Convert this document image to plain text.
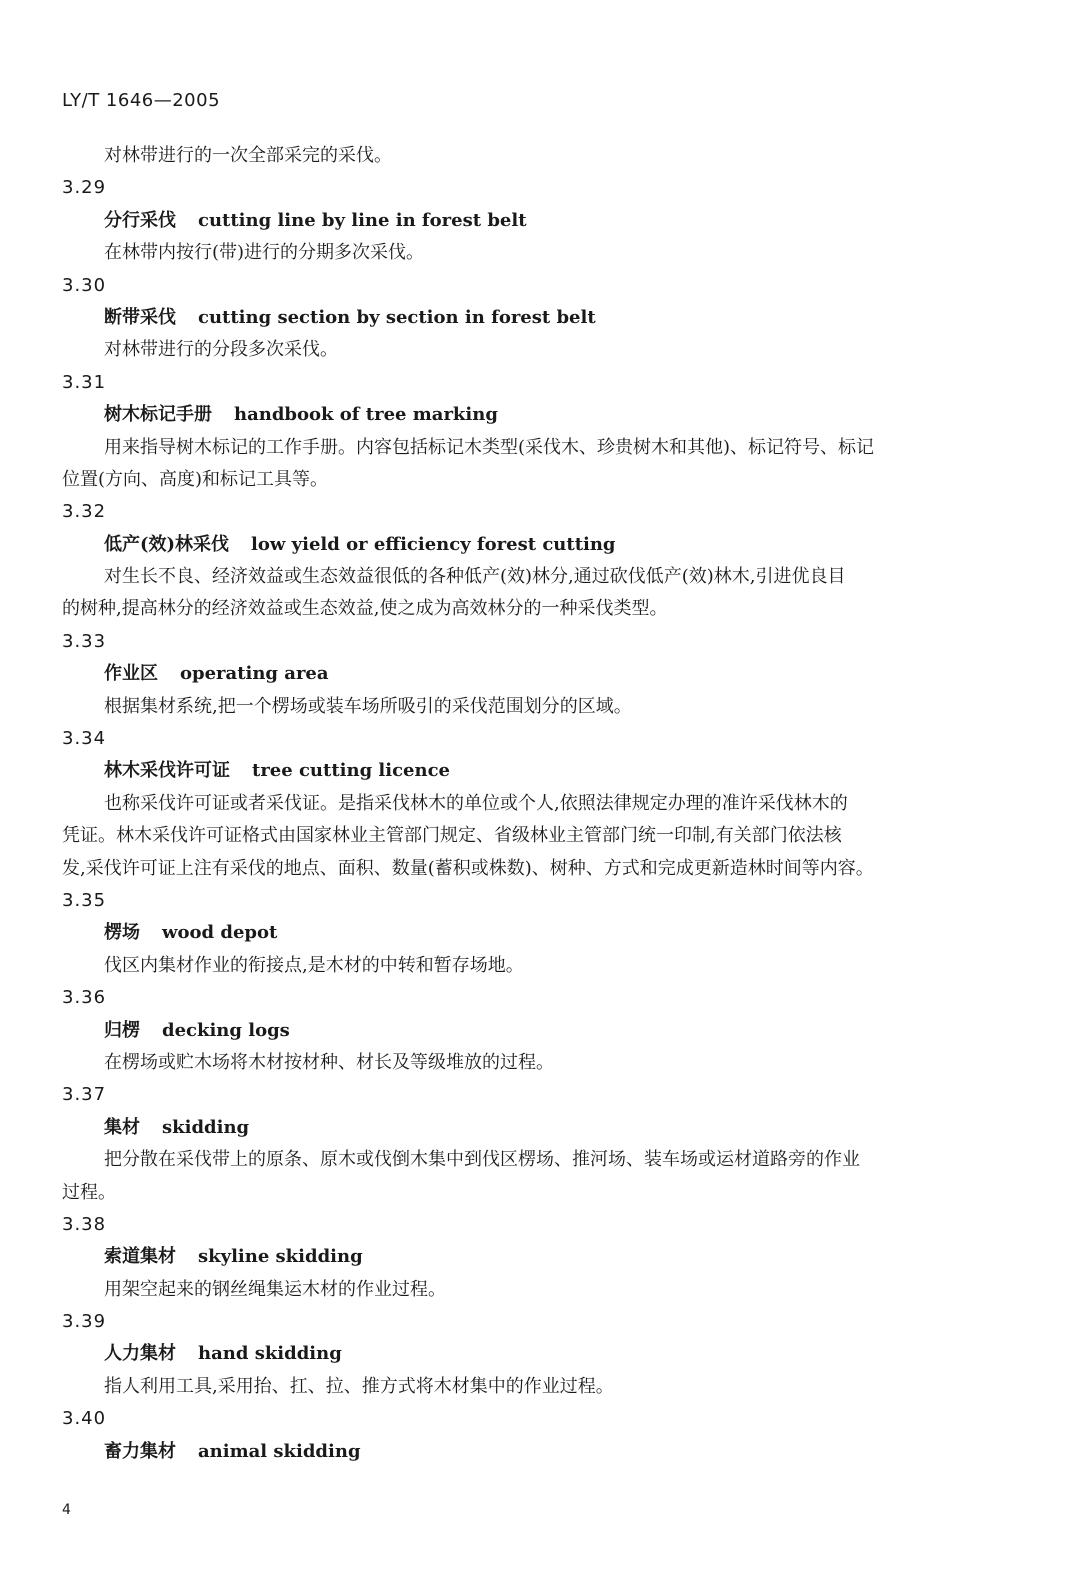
LY/T 1646—2005
对林带进行的一次全部采完的采伐。
3.29
分行采伐 cutting line by line in forest belt
在林带内按行(带)进行的分期多次采伐。
3.30
断带采伐 cutting section by section in forest belt
对林带进行的分段多次采伐。
3.31
树木标记手册 handbook of tree marking
用来指导树木标记的工作手册。内容包括标记木类型(采伐木、珍贵树木和其他)、标记符号、标记
位置(方向、高度)和标记工具等。
3.32
低产(效)林采伐 low yield or efficiency forest cutting
对生长不良、经济效益或生态效益很低的各种低产(效)林分,通过砍伐低产(效)林木,引进优良目
的树种,提高林分的经济效益或生态效益,使之成为高效林分的一种采伐类型。
3.33
作业区 operating area
根据集材系统,把一个楞场或装车场所吸引的采伐范围划分的区域。
3.34
林木采伐许可证 tree cutting licence
也称采伐许可证或者采伐证。是指采伐林木的单位或个人,依照法律规定办理的准许采伐林木的
凭证。林木采伐许可证格式由国家林业主管部门规定、省级林业主管部门统一印制,有关部门依法核
发,采伐许可证上注有采伐的地点、面积、数量(蓄积或株数)、树种、方式和完成更新造林时间等内容。
3.35
楞场 wood depot
伐区内集材作业的衔接点,是木材的中转和暂存场地。
3.36
归楞 decking logs
在楞场或贮木场将木材按材种、材长及等级堆放的过程。
3.37
集材 skidding
把分散在采伐带上的原条、原木或伐倒木集中到伐区楞场、推河场、装车场或运材道路旁的作业
过程。
3.38
索道集材 skyline skidding
用架空起来的钢丝绳集运木材的作业过程。
3.39
人力集材 hand skidding
指人利用工具,采用抬、扛、拉、推方式将木材集中的作业过程。
3.40
畜力集材 animal skidding
4
